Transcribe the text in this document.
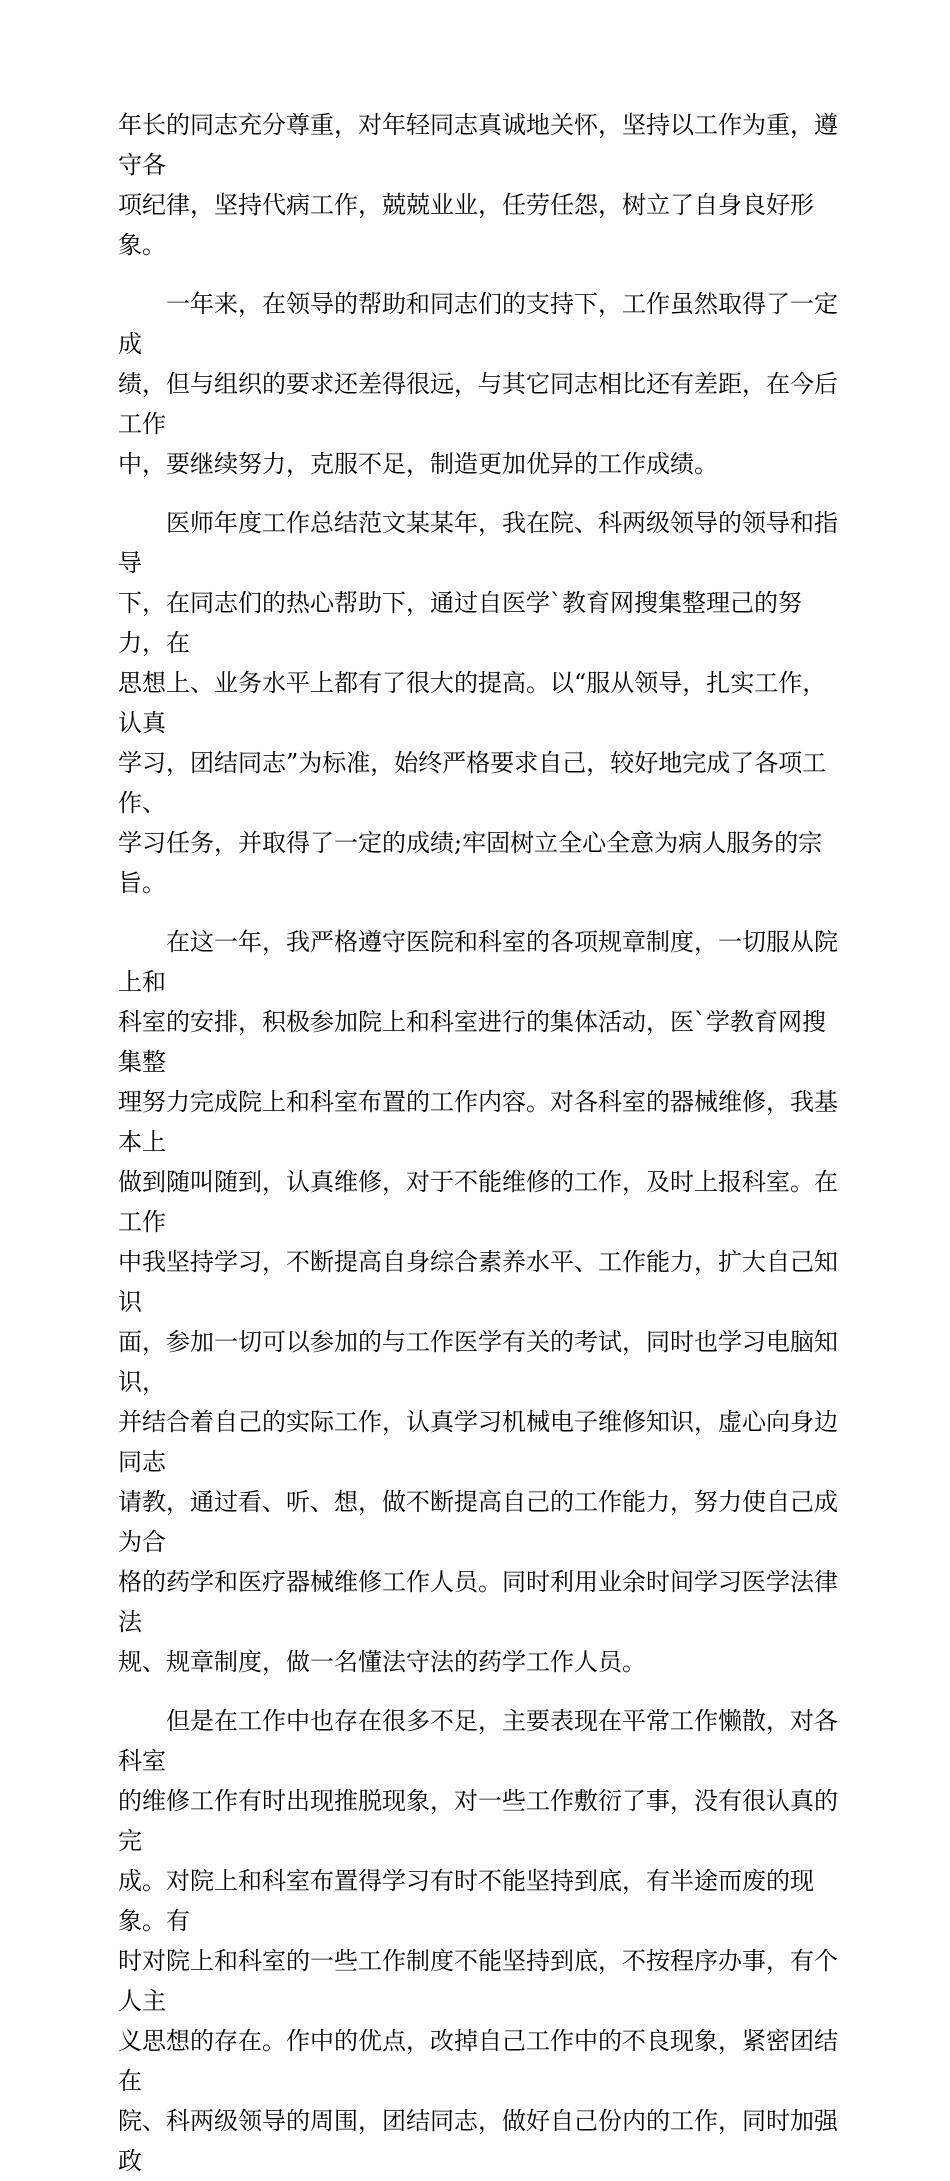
年长的同志充分尊重，对年轻同志真诚地关怀，坚持以工作为重，遵守各
项纪律，坚持代病工作，兢兢业业，任劳任怨，树立了自身良好形象。

　　一年来，在领导的帮助和同志们的支持下，工作虽然取得了一定成
绩，但与组织的要求还差得很远，与其它同志相比还有差距，在今后工作
中，要继续努力，克服不足，制造更加优异的工作成绩。

　　医师年度工作总结范文某某年，我在院、科两级领导的领导和指导
下，在同志们的热心帮助下，通过自医学`教育网搜集整理己的努力，在
思想上、业务水平上都有了很大的提高。以“服从领导，扎实工作，认真
学习，团结同志”为标准，始终严格要求自己，较好地完成了各项工作、
学习任务，并取得了一定的成绩;牢固树立全心全意为病人服务的宗旨。

　　在这一年，我严格遵守医院和科室的各项规章制度，一切服从院上和
科室的安排，积极参加院上和科室进行的集体活动，医`学教育网搜集整
理努力完成院上和科室布置的工作内容。对各科室的器械维修，我基本上
做到随叫随到，认真维修，对于不能维修的工作，及时上报科室。在工作
中我坚持学习，不断提高自身综合素养水平、工作能力，扩大自己知识
面，参加一切可以参加的与工作医学有关的考试，同时也学习电脑知识，
并结合着自己的实际工作，认真学习机械电子维修知识，虚心向身边同志
请教，通过看、听、想，做不断提高自己的工作能力，努力使自己成为合
格的药学和医疗器械维修工作人员。同时利用业余时间学习医学法律法
规、规章制度，做一名懂法守法的药学工作人员。

　　但是在工作中也存在很多不足，主要表现在平常工作懒散，对各科室
的维修工作有时出现推脱现象，对一些工作敷衍了事，没有很认真的完
成。对院上和科室布置得学习有时不能坚持到底，有半途而废的现象。有
时对院上和科室的一些工作制度不能坚持到底，不按程序办事，有个人主
义思想的存在。作中的优点，改掉自己工作中的不良现象，紧密团结在
院、科两级领导的周围，团结同志，做好自己份内的工作，同时加强政
